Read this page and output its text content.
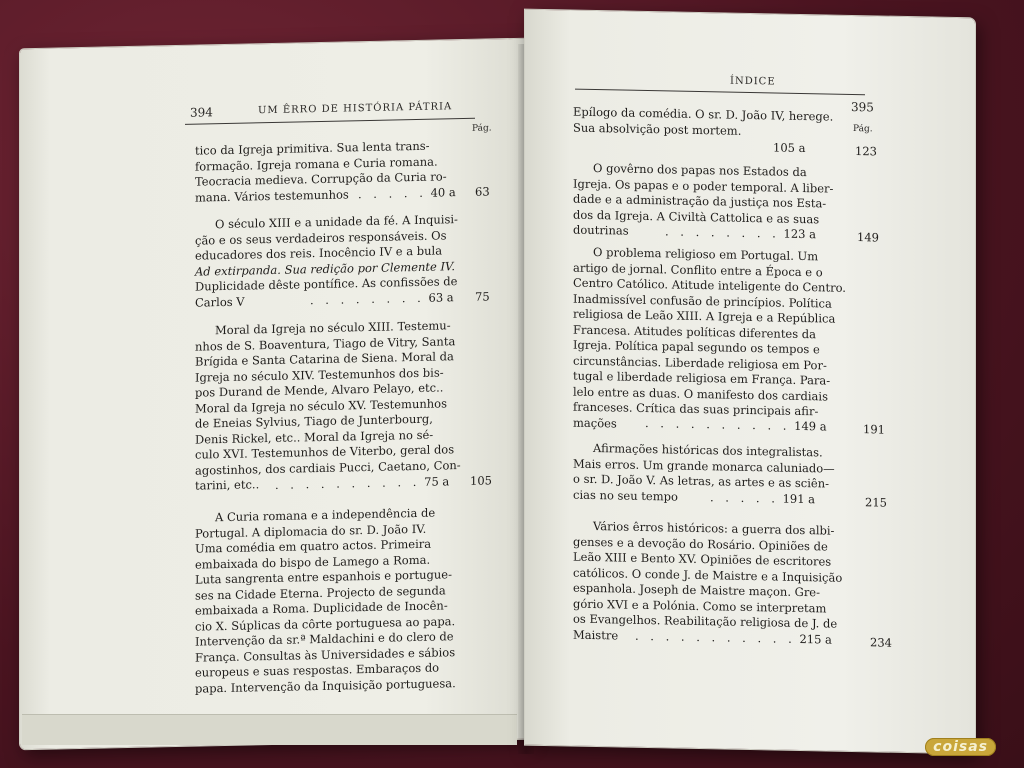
394	UM ÊRRO DE HISTÓRIA PÁTRIA
Pág.
tico da Igreja primitiva. Sua lenta trans-
formação. Igreja romana e Curia romana.
Teocracia medieva. Corrupção da Curia ro-
mana. Vários testemunhos . . . . . 40 a 63
O século XIII e a unidade da fé. A Inquisi-
ção e os seus verdadeiros responsáveis. Os
educadores dos reis. Inocêncio IV e a bula
Ad extirpanda. Sua redição por Clemente IV.
Duplicidade dêste pontífice. As confissões de
Carlos V	. . . . . . . . 63 a 75
Moral da Igreja no século XIII. Testemu-
nhos de S. Boaventura, Tiago de Vitry, Santa
Brígida e Santa Catarina de Siena. Moral da
Igreja no século XIV. Testemunhos dos bis-
pos Durand de Mende, Alvaro Pelayo, etc..
Moral da Igreja no século XV. Testemunhos
de Eneias Sylvius, Tiago de Junterbourg,
Denis Rickel, etc.. Moral da Igreja no sé-
culo XVI. Testemunhos de Viterbo, geral dos
agostinhos, dos cardiais Pucci, Caetano, Con-
tarini, etc..	. . . . . . . . . . 75 a 105
A Curia romana e a independência de
Portugal. A diplomacia do sr. D. João IV.
Uma comédia em quatro actos. Primeira
embaixada do bispo de Lamego a Roma.
Luta sangrenta entre espanhois e portugue-
ses na Cidade Eterna. Projecto de segunda
embaixada a Roma. Duplicidade de Inocên-
cio X. Súplicas da côrte portuguesa ao papa.
Intervenção da sr.ª Maldachini e do clero de
França. Consultas às Universidades e sábios
europeus e suas respostas. Embaraços do
papa. Intervenção da Inquisição portuguesa.
ÍNDICE
395
Pág.
Epílogo da comédia. O sr. D. João IV, herege.
Sua absolvição post mortem.
105 a	123
O govêrno dos papas nos Estados da
Igreja. Os papas e o poder temporal. A liber-
dade e a administração da justiça nos Esta-
dos da Igreja. A Civiltà Cattolica e as suas
doutrinas	. . . . . . . . 123 a	149
O problema religioso em Portugal. Um
artigo de jornal. Conflito entre a Época e o
Centro Católico. Atitude inteligente do Centro.
Inadmissível confusão de princípios. Política
religiosa de Leão XIII. A Igreja e a República
Francesa. Atitudes políticas diferentes da
Igreja. Política papal segundo os tempos e
circunstâncias. Liberdade religiosa em Por-
tugal e liberdade religiosa em França. Para-
lelo entre as duas. O manifesto dos cardiais
franceses. Crítica das suas principais afir-
mações	. . . . . . . . . . 149 a	191
Afirmações históricas dos integralistas.
Mais erros. Um grande monarca caluniado—
o sr. D. João V. As letras, as artes e as sciên-
cias no seu tempo	. . . . . 191 a	215
Vários êrros históricos: a guerra dos albi-
genses e a devoção do Rosário. Opiniões de
Leão XIII e Bento XV. Opiniões de escritores
católicos. O conde J. de Maistre e a Inquisição
espanhola. Joseph de Maistre maçon. Gre-
gório XVI e a Polónia. Como se interpretam
os Evangelhos. Reabilitação religiosa de J. de
Maistre	. . . . . . . . . . . 215 a	234
coisas
